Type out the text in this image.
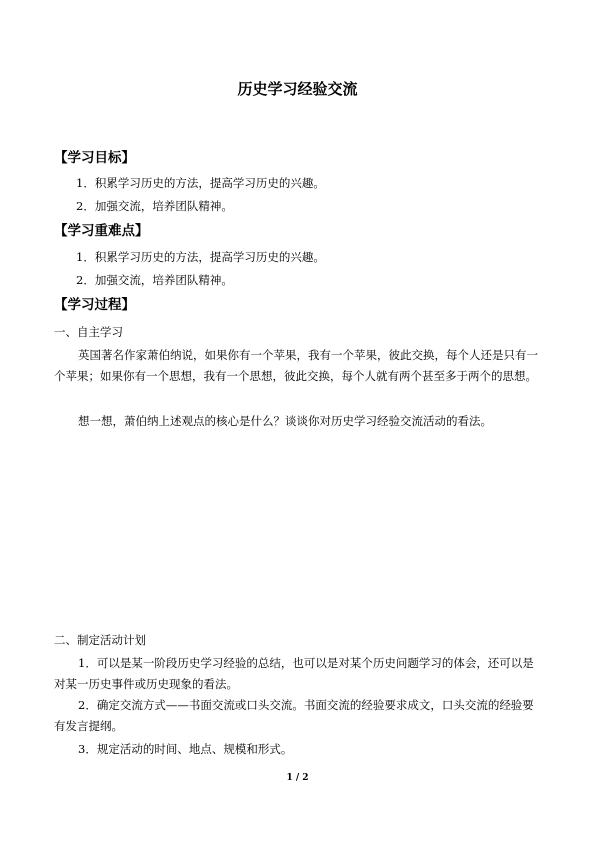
历史学习经验交流
【学习目标】
1．积累学习历史的方法，提高学习历史的兴趣。
2．加强交流，培养团队精神。
【学习重难点】
1．积累学习历史的方法，提高学习历史的兴趣。
2．加强交流，培养团队精神。
【学习过程】
一、自主学习
英国著名作家萧伯纳说，如果你有一个苹果，我有一个苹果，彼此交换，每个人还是只有一个苹果；如果你有一个思想，我有一个思想，彼此交换，每个人就有两个甚至多于两个的思想。
想一想，萧伯纳上述观点的核心是什么？谈谈你对历史学习经验交流活动的看法。
二、制定活动计划
1．可以是某一阶段历史学习经验的总结，也可以是对某个历史问题学习的体会，还可以是对某一历史事件或历史现象的看法。
2．确定交流方式——书面交流或口头交流。书面交流的经验要求成文，口头交流的经验要有发言提纲。
3．规定活动的时间、地点、规模和形式。
1 / 2
